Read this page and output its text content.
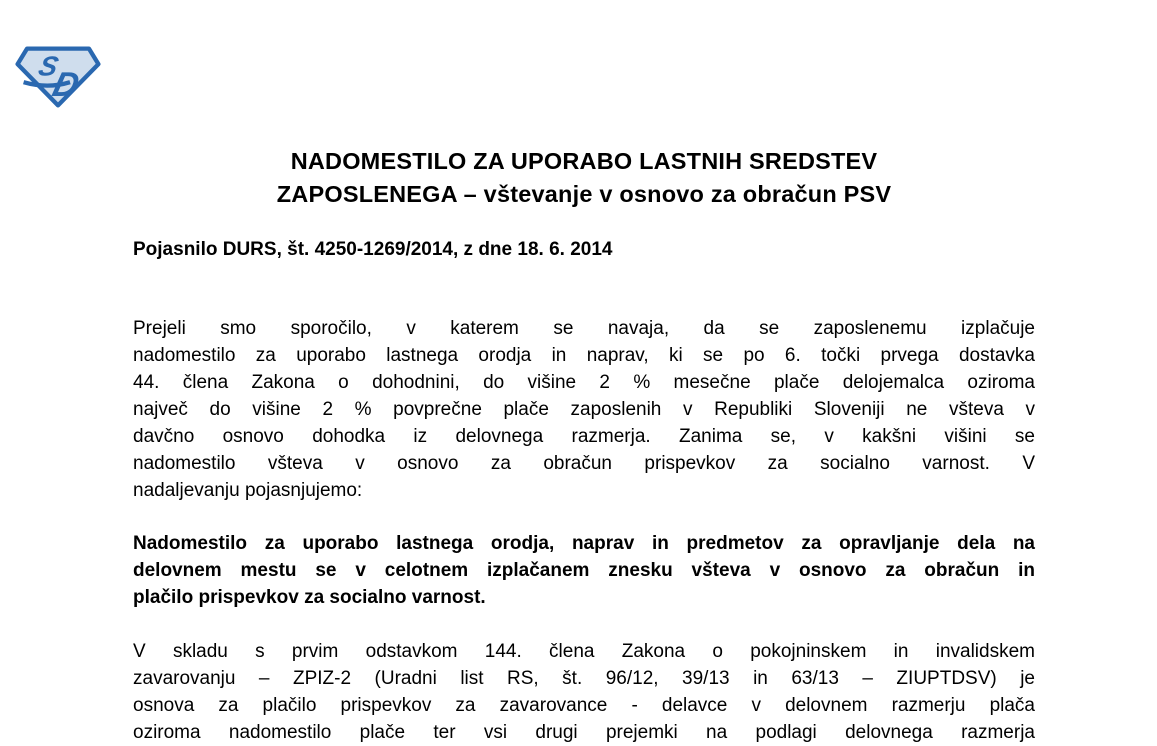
S
D
NADOMESTILO ZA UPORABO LASTNIH SREDSTEV
ZAPOSLENEGA – vštevanje v osnovo za obračun PSV
Pojasnilo DURS, št. 4250-1269/2014, z dne 18. 6. 2014
Prejeli smo sporočilo, v katerem se navaja, da se zaposlenemu izplačuje
nadomestilo za uporabo lastnega orodja in naprav, ki se po 6. točki prvega dostavka
44. člena Zakona o dohodnini, do višine 2 % mesečne plače delojemalca oziroma
največ do višine 2 % povprečne plače zaposlenih v Republiki Sloveniji ne všteva v
davčno osnovo dohodka iz delovnega razmerja. Zanima se, v kakšni višini se
nadomestilo všteva v osnovo za obračun prispevkov za socialno varnost. V
nadaljevanju pojasnjujemo:
Nadomestilo za uporabo lastnega orodja, naprav in predmetov za opravljanje dela na
delovnem mestu se v celotnem izplačanem znesku všteva v osnovo za obračun in
plačilo prispevkov za socialno varnost.
V skladu s prvim odstavkom 144. člena Zakona o pokojninskem in invalidskem
zavarovanju – ZPIZ-2 (Uradni list RS, št. 96/12, 39/13 in 63/13 – ZIUPTDSV) je
osnova za plačilo prispevkov za zavarovance - delavce v delovnem razmerju plača
oziroma nadomestilo plače ter vsi drugi prejemki na podlagi delovnega razmerja
